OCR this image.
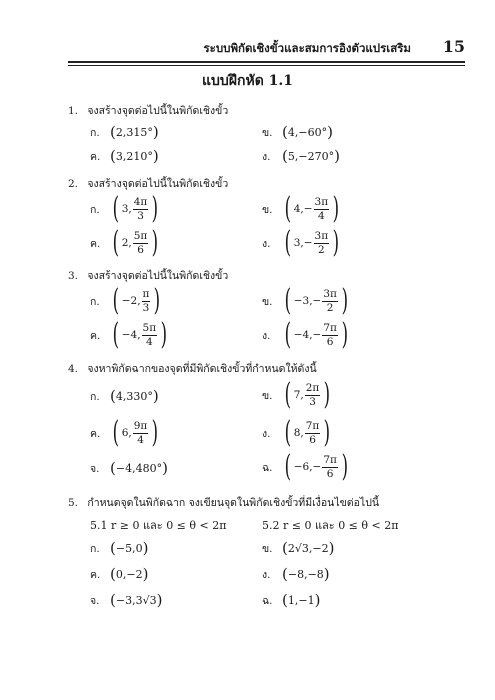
ระบบพิกัดเชิงขั้วและสมการอิงตัวแปรเสริม 15
แบบฝึกหัด 1.1
1. จงสร้างจุดต่อไปนี้ในพิกัดเชิงขั้ว
ก. ( 2,315° )	ข. ( 4,−60° )
ค. ( 3,210° )	ง. ( 5,−270° )
2. จงสร้างจุดต่อไปนี้ในพิกัดเชิงขั้ว
ก. ( 3, $\frac{4\pi}{3}$ )	ข. ( $4,- \frac{3\pi}{4}$ )
ค. ( 2, $\frac{5\pi}{6}$ )	ง. ( $3,- \frac{3\pi}{2}$ )
3. จงสร้างจุดต่อไปนี้ในพิกัดเชิงขั้ว
ก. ( −2, $\frac{\pi}{3}$ )	ข. ( $-3,- \frac{3\pi}{2}$ )
ค. ( −4, $\frac{5\pi}{4}$ )	ง. ( $-4,- \frac{7\pi}{6}$ )
4. จงหาพิกัดฉากของจุดที่มีพิกัดเชิงขั้วที่กำหนดให้ดังนี้
ก. ( 4,330° )	ข. ( 7, $\frac{2\pi}{3}$ )
ค. ( 6, $\frac{9\pi}{4}$ )	ง. ( 8, $\frac{7\pi}{6}$ )
จ. ( −4,480° )	ฉ. ( $-6,- \frac{7\pi}{6}$ )
5. กำหนดจุดในพิกัดฉาก จงเขียนจุดในพิกัดเชิงขั้วที่มีเงื่อนไขต่อไปนี้
5.1 r ≥ 0 และ 0 ≤ θ < 2π	5.2 r ≤ 0 และ 0 ≤ θ < 2π
ก. ( −5,0 )	ข. ( 2√3,−2 )
ค. ( 0,−2 )	ง. ( −8,−8 )
จ. ( −3,3√3 )	ฉ. ( 1,−1 )
